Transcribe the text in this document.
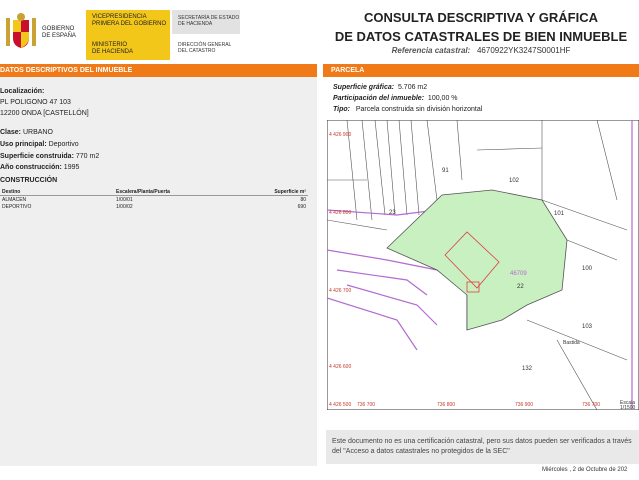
GOBIERNO
DE ESPAÑA
VICEPRESIDENCIA
PRIMERA DEL GOBIERNO
MINISTERIO
DE HACIENDA
SECRETARÍA DE ESTADO
DE HACIENDA
DIRECCIÓN GENERAL
DEL CATASTRO
CONSULTA DESCRIPTIVA Y GRÁFICA
DE DATOS CATASTRALES DE BIEN INMUEBLE
Referencia catastral: 4670922YK3247S0001HF
DATOS DESCRIPTIVOS DEL INMUEBLE
Localización:
PL POLIGONO 47 103
12200 ONDA [CASTELLÓN]
Clase: URBANO
Uso principal: Deportivo
Superficie construida: 770 m2
Año construcción: 1995
CONSTRUCCIÓN
Destino	Escalera/Planta/Puerta	Superficie m²
ALMACEN	1/00/01	80
DEPORTIVO	1/00/02	690
PARCELA
Superficie gráfica: 5.706 m2
Participación del inmueble: 100,00 %
Tipo: Parcela construida sin división horizontal
91
102
101
100
103
132
23
22
46709
Bastida
Escala 1/1500
4 426 900
4 426 800
4 426 700
4 426 600
4 426 500 736 700	736 800	736 900	736 700
Este documento no es una certificación catastral, pero sus datos pueden ser verificados a través del "Acceso a datos catastrales no protegidos de la SEC"
Miércoles , 2 de Octubre de 202
